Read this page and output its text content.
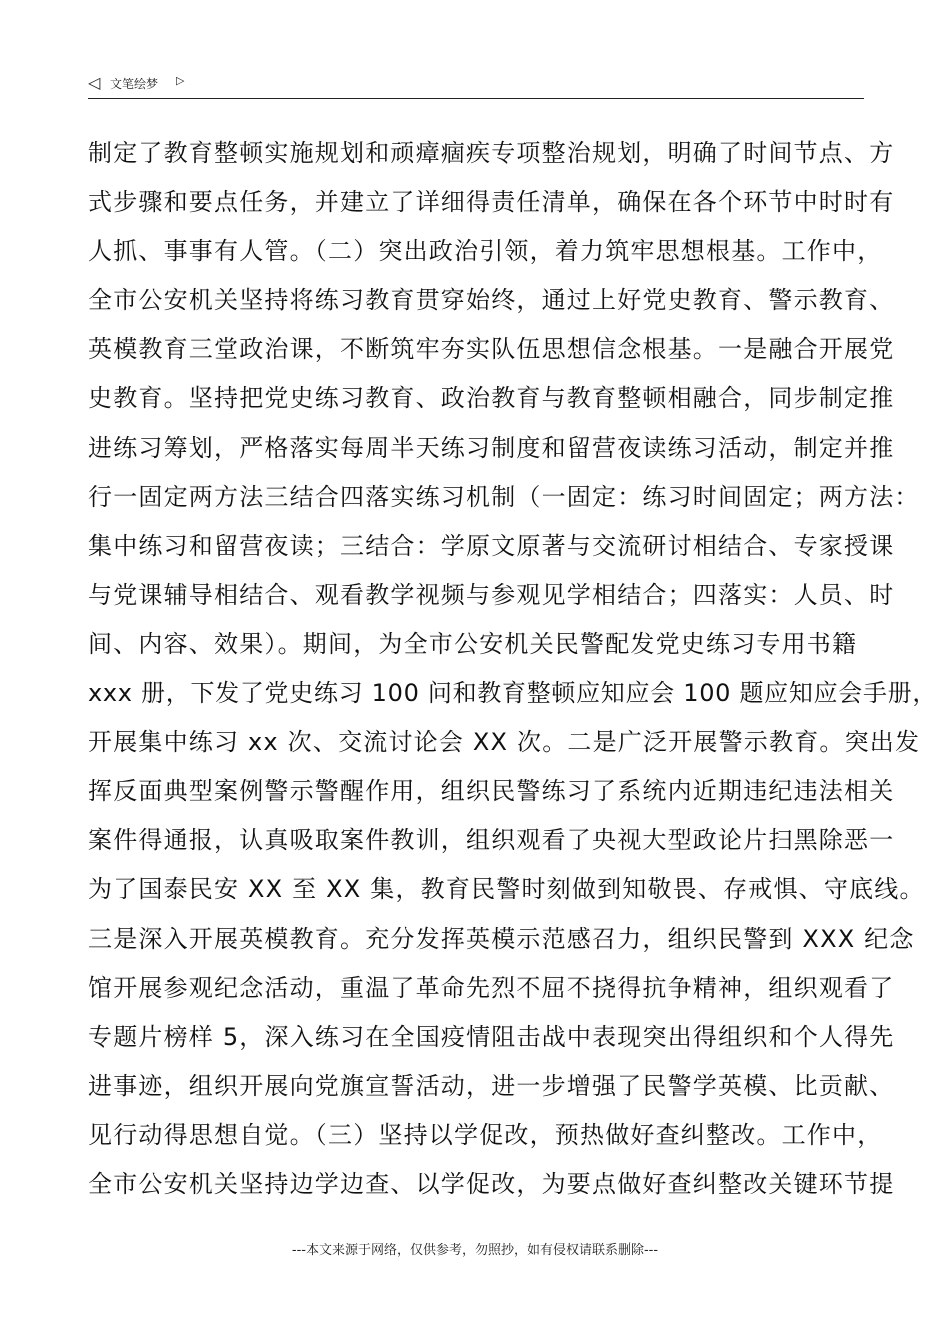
◁ 文笔绘梦 ▷
制定了教育整顿实施规划和顽瘴痼疾专项整治规划，明确了时间节点、方
式步骤和要点任务，并建立了详细得责任清单，确保在各个环节中时时有
人抓、事事有人管。（二）突出政治引领，着力筑牢思想根基。工作中，
全市公安机关坚持将练习教育贯穿始终，通过上好党史教育、警示教育、
英模教育三堂政治课，不断筑牢夯实队伍思想信念根基。一是融合开展党
史教育。坚持把党史练习教育、政治教育与教育整顿相融合，同步制定推
进练习筹划，严格落实每周半天练习制度和留营夜读练习活动，制定并推
行一固定两方法三结合四落实练习机制（一固定：练习时间固定；两方法：
集中练习和留营夜读；三结合：学原文原著与交流研讨相结合、专家授课
与党课辅导相结合、观看教学视频与参观见学相结合；四落实：人员、时
间、内容、效果）。期间，为全市公安机关民警配发党史练习专用书籍
xxx 册，下发了党史练习 100 问和教育整顿应知应会 100 题应知应会手册，
开展集中练习 xx 次、交流讨论会 XX 次。二是广泛开展警示教育。突出发
挥反面典型案例警示警醒作用，组织民警练习了系统内近期违纪违法相关
案件得通报，认真吸取案件教训，组织观看了央视大型政论片扫黑除恶一
为了国泰民安 XX 至 XX 集，教育民警时刻做到知敬畏、存戒惧、守底线。
三是深入开展英模教育。充分发挥英模示范感召力，组织民警到 XXX 纪念
馆开展参观纪念活动，重温了革命先烈不屈不挠得抗争精神，组织观看了
专题片榜样 5，深入练习在全国疫情阻击战中表现突出得组织和个人得先
进事迹，组织开展向党旗宣誓活动，进一步增强了民警学英模、比贡献、
见行动得思想自觉。（三）坚持以学促改，预热做好查纠整改。工作中，
全市公安机关坚持边学边查、以学促改，为要点做好查纠整改关键环节提
---本文来源于网络，仅供参考，勿照抄，如有侵权请联系删除---
